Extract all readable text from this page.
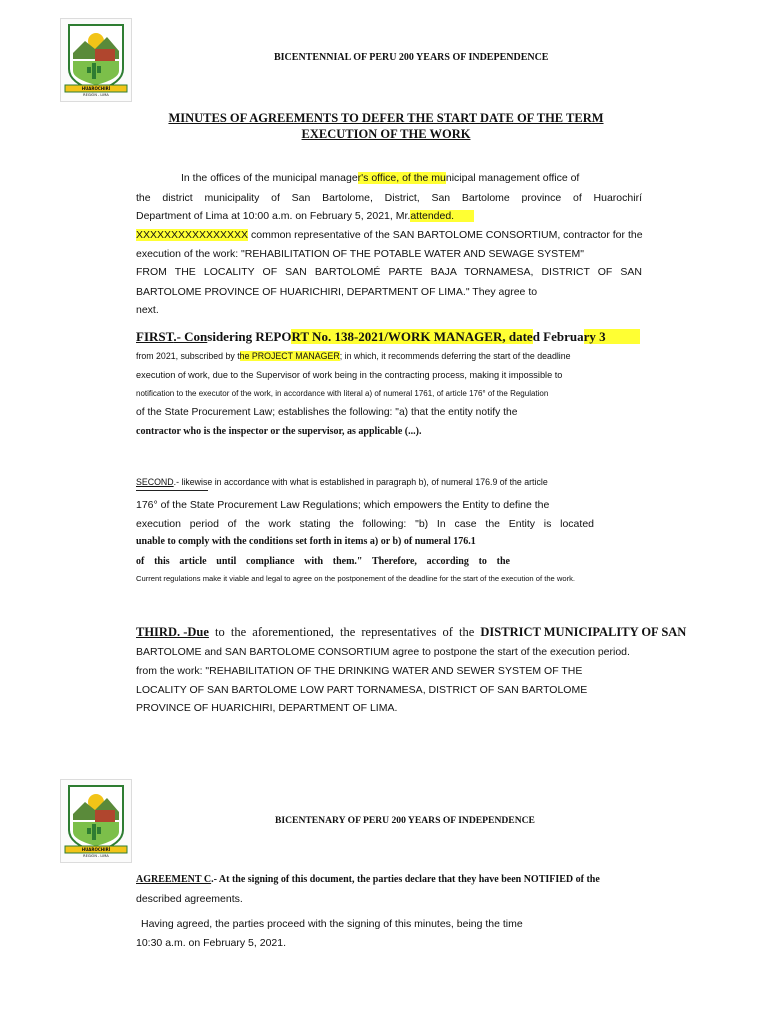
HUAROCHIRÍ
REGIÓN - LIMA
BICENTENNIAL OF PERU 200 YEARS OF INDEPENDENCE
MINUTES OF AGREEMENTS TO DEFER THE START DATE OF THE TERM
EXECUTION OF THE WORK
In the offices of the municipal manager's office, of the municipal management office of
the district municipality of San Bartolome, District, San Bartolome province of Huarochirí
Department of Lima at 10:00 a.m. on February 5, 2021, Mr.attended.
XXXXXXXXXXXXXXXX common representative of the SAN BARTOLOME CONSORTIUM, contractor for the
execution of the work: "REHABILITATION OF THE POTABLE WATER AND SEWAGE SYSTEM"
FROM THE LOCALITY OF SAN BARTOLOMÉ PARTE BAJA TORNAMESA, DISTRICT OF SAN
BARTOLOME PROVINCE OF HUARICHIRI, DEPARTMENT OF LIMA." They agree to
next.
FIRST.- Considering REPORT No. 138-2021/WORK MANAGER, dated February 3
from 2021, subscribed by the PROJECT MANAGER; in which, it recommends deferring the start of the deadline
execution of work, due to the Supervisor of work being in the contracting process, making it impossible to
notification to the executor of the work, in accordance with literal a) of numeral 1761, of article 176° of the Regulation
of the State Procurement Law; establishes the following: "a) that the entity notify the
contractor who is the inspector or the supervisor, as applicable (...).
SECOND.- likewise in accordance with what is established in paragraph b), of numeral 176.9 of the article
176° of the State Procurement Law Regulations; which empowers the Entity to define the
execution period of the work stating the following: "b) In case the Entity is located
unable to comply with the conditions set forth in items a) or b) of numeral 176.1
of this article until compliance with them." Therefore, according to the
Current regulations make it viable and legal to agree on the postponement of the deadline for the start of the execution of the work.
THIRD. -Due to the aforementioned, the representatives of the DISTRICT MUNICIPALITY OF SAN
BARTOLOME and SAN BARTOLOME CONSORTIUM agree to postpone the start of the execution period.
from the work: "REHABILITATION OF THE DRINKING WATER AND SEWER SYSTEM OF THE
LOCALITY OF SAN BARTOLOME LOW PART TORNAMESA, DISTRICT OF SAN BARTOLOME
PROVINCE OF HUARICHIRI, DEPARTMENT OF LIMA.
HUAROCHIRÍ
REGIÓN - LIMA
BICENTENARY OF PERU 200 YEARS OF INDEPENDENCE
AGREEMENT C.- At the signing of this document, the parties declare that they have been NOTIFIED of the
described agreements.
Having agreed, the parties proceed with the signing of this minutes, being the time
10:30 a.m. on February 5, 2021.
